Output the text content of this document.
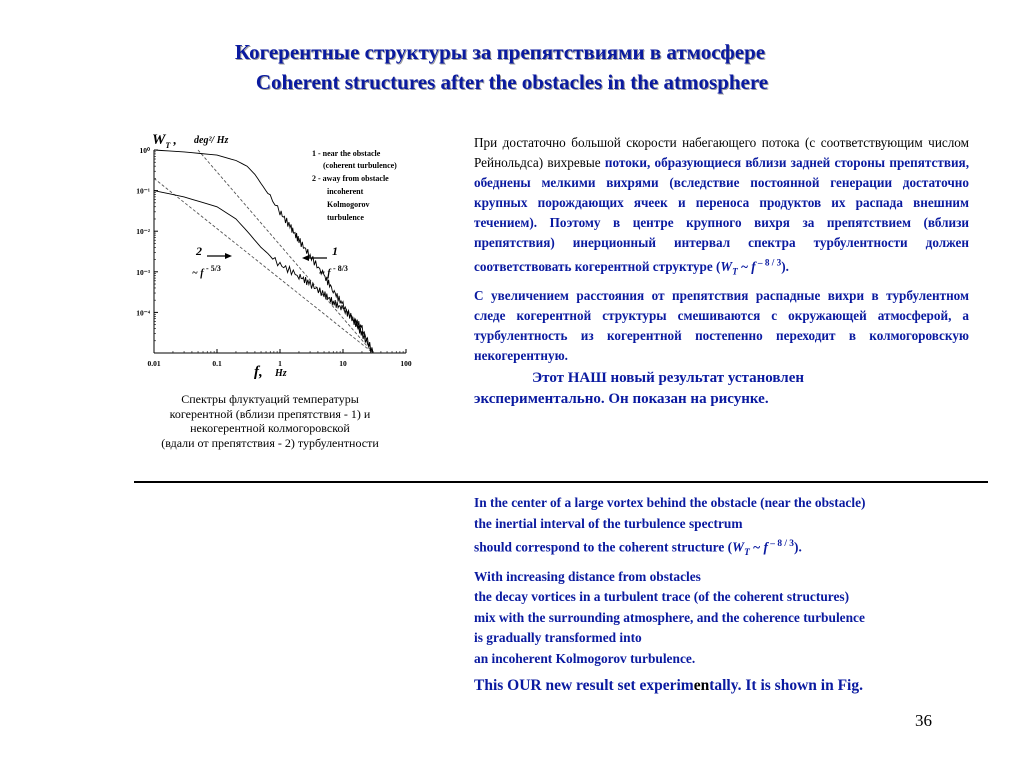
Когерентные структуры за препятствиями в атмосфере
Coherent structures after the obstacles in the atmosphere
10⁰
10⁻¹
10⁻²
10⁻³
10⁻⁴
0.01	0.1	1	10	100
$W_T$ , deg²/ Hz
f, Hz
1 - near the obstacle
(coherent turbulence)
2 - away from obstacle
incoherent
Kolmogorov
turbulence
2
~ f $^{- 5/3}$
1
~ f $^{- 8/3}$
Спектры флуктуаций температуры
когерентной (вблизи препятствия - 1) и
некогерентной колмогоровской
(вдали от препятствия - 2) турбулентности

При достаточно большой скорости набегающего потока (с соответствующим числом Рейнольдса) вихревые потоки, образующиеся вблизи задней стороны препятствия, обеднены мелкими вихрями (вследствие постоянной генерации достаточно крупных порождающих ячеек и переноса продуктов их распада внешним течением). Поэтому в центре крупного вихря за препятствием (вблизи препятствия) инерционный интервал спектра турбулентности должен соответствовать когерентной структуре ($W_T$ ~ f $^{- 8 / 3}$).

С увеличением расстояния от препятствия распадные вихри в турбулентном следе когерентной структуры смешиваются с окружающей атмосферой, а турбулентность из когерентной постепенно переходит в колмогоровскую некогерентную.

Этот НАШ новый результат установлен
экспериментально. Он показан на рисунке.
In the center of a large vortex behind the obstacle (near the obstacle)
the inertial interval of the turbulence spectrum
should correspond to the coherent structure ($W_T$ ~ f $^{- 8 / 3}$).
With increasing distance from obstacles
the decay vortices in a turbulent trace (of the coherent structures)
mix with the surrounding atmosphere, and the coherence turbulence
is gradually transformed into
an incoherent Kolmogorov turbulence.
This OUR new result set experimentally. It is shown in Fig.
36
